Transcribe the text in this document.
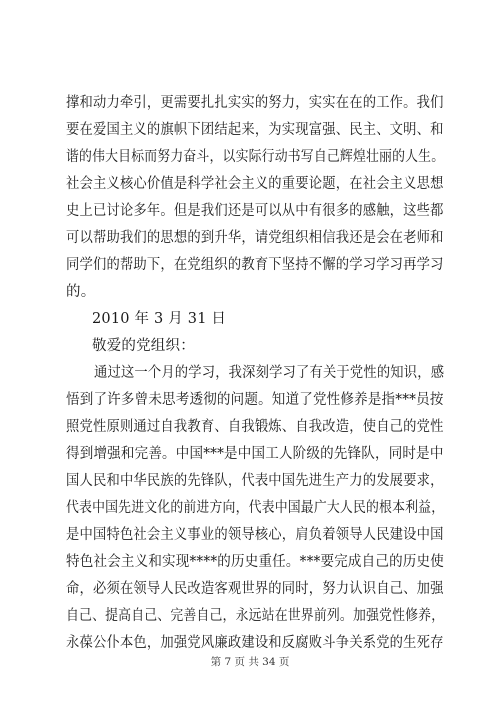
撑和动力牵引，更需要扎扎实实的努力，实实在在的工作。我们
要在爱国主义的旗帜下团结起来，为实现富强、民主、文明、和
谐的伟大目标而努力奋斗，以实际行动书写自己辉煌壮丽的人生。
社会主义核心价值是科学社会主义的重要论题，在社会主义思想
史上已讨论多年。但是我们还是可以从中有很多的感触，这些都
可以帮助我们的思想的到升华，请党组织相信我还是会在老师和
同学们的帮助下，在党组织的教育下坚持不懈的学习学习再学习
的。
2010 年 3 月 31 日
敬爱的党组织：
通过这一个月的学习，我深刻学习了有关于党性的知识，感
悟到了许多曾未思考透彻的问题。知道了党性修养是指***员按
照党性原则通过自我教育、自我锻炼、自我改造，使自己的党性
得到增强和完善。中国***是中国工人阶级的先锋队，同时是中
国人民和中华民族的先锋队，代表中国先进生产力的发展要求，
代表中国先进文化的前进方向，代表中国最广大人民的根本利益，
是中国特色社会主义事业的领导核心，肩负着领导人民建设中国
特色社会主义和实现****的历史重任。***要完成自己的历史使
命，必须在领导人民改造客观世界的同时，努力认识自己、加强
自己、提高自己、完善自己，永远站在世界前列。加强党性修养，
永葆公仆本色，加强党风廉政建设和反腐败斗争关系党的生死存
第 7 页 共 34 页
